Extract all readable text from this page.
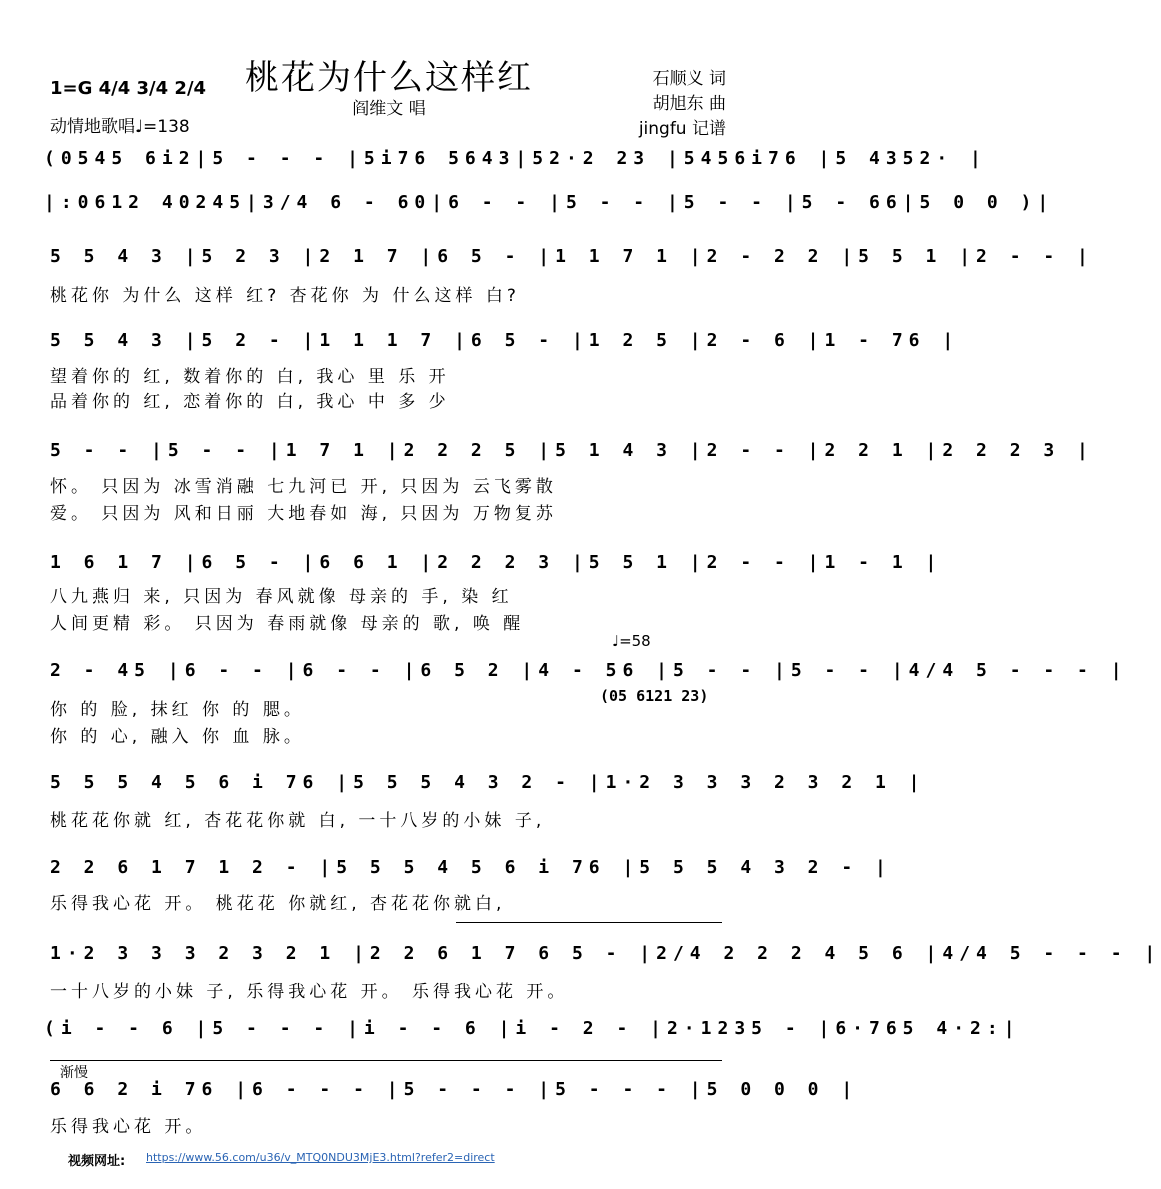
桃花为什么这样红
阎维文 唱
1=G 4/4 3/4 2/4
动情地歌唱♩=138
石顺义 词
胡旭东 曲
jingfu 记谱
(0545 6i2|5 - - - |5i76 5643|52·2 23 |5456i76 |5 4352· |
|:0612 40245|3/4 6 - 60|6 - - |5 - - |5 - - |5 - 66|5 0 0 )|
5 5 4 3 |5 2 3 |2 1 7 |6 5 - |1 1 7 1 |2 - 2 2 |5 5 1 |2 - - |
桃花你 为什么 这样 红? 杏花你 为 什么这样 白?
5 5 4 3 |5 2 - |1 1 1 7 |6 5 - |1 2 5 |2 - 6 |1 - 76 |
望着你的 红, 数着你的 白, 我心 里 乐 开
品着你的 红, 恋着你的 白, 我心 中 多 少
5 - - |5 - - |1 7 1 |2 2 2 5 |5 1 4 3 |2 - - |2 2 1 |2 2 2 3 |
怀。 只因为 冰雪消融 七九河已 开, 只因为 云飞雾散
爱。 只因为 风和日丽 大地春如 海, 只因为 万物复苏
1 6 1 7 |6 5 - |6 6 1 |2 2 2 3 |5 5 1 |2 - - |1 - 1 |
八九燕归 来, 只因为 春风就像 母亲的 手, 染 红
人间更精 彩。 只因为 春雨就像 母亲的 歌, 唤 醒
♩=58
2 - 45 |6 - - |6 - - |6 5 2 |4 - 56 |5 - - |5 - - |4/4 5 - - - |
(05 6121 23)
你 的 脸, 抹红 你 的 腮。
你 的 心, 融入 你 血 脉。
5 5 5 4 5 6 i 76 |5 5 5 4 3 2 - |1·2 3 3 3 2 3 2 1 |
桃花花你就 红, 杏花花你就 白, 一十八岁的小妹 子,
2 2 6 1 7 1 2 - |5 5 5 4 5 6 i 76 |5 5 5 4 3 2 - |
乐得我心花 开。 桃花花 你就红, 杏花花你就白,
1·2 3 3 3 2 3 2 1 |2 2 6 1 7 6 5 - |2/4 2 2 2 4 5 6 |4/4 5 - - - |
一十八岁的小妹 子, 乐得我心花 开。 乐得我心花 开。
(i - - 6 |5 - - - |i - - 6 |i - 2 - |2·1235 - |6·765 4·2:|
渐慢
6 6 2 i 76 |6 - - - |5 - - - |5 - - - |5 0 0 0 |
乐得我心花 开。
视频网址: https://www.56.com/u36/v_MTQ0NDU3MjE3.html?refer2=direct
